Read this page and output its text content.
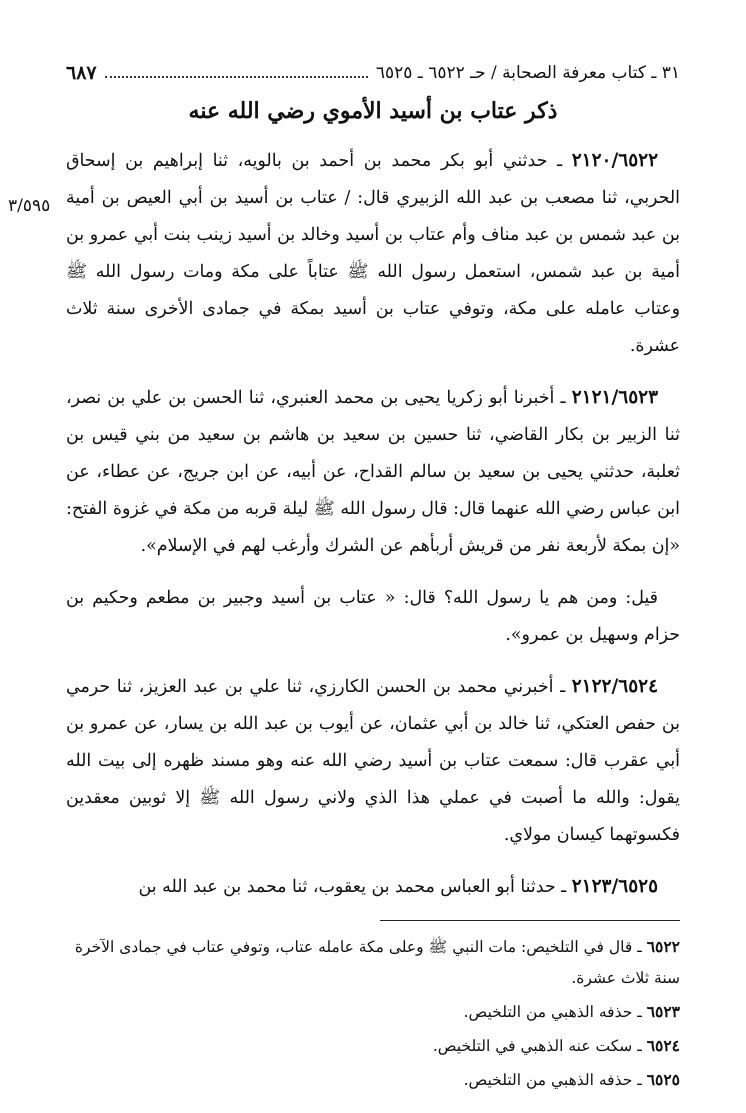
٣١ ـ كتاب معرفة الصحابة / حـ ٦٥٢٢ ـ ٦٥٢٥
٦٨٧
٣/٥٩٥
ذكر عتاب بن أسيد الأموي رضي الله عنه

٢١٢٠/٦٥٢٢ ـ حدثني أبو بكر محمد بن أحمد بن بالويه، ثنا إبراهيم بن إسحاق الحربي، ثنا مصعب بن عبد الله الزبيري قال: / عتاب بن أسيد بن أبي العيص بن أمية بن عبد شمس بن عبد مناف وأم عتاب بن أسيد وخالد بن أسيد زينب بنت أبي عمرو بن أمية بن عبد شمس، استعمل رسول الله ﷺ عتاباً على مكة ومات رسول الله ﷺ وعتاب عامله على مكة، وتوفي عتاب بن أسيد بمكة في جمادى الأخرى سنة ثلاث عشرة.

٢١٢١/٦٥٢٣ ـ أخبرنا أبو زكريا يحيى بن محمد العنبري، ثنا الحسن بن علي بن نصر، ثنا الزبير بن بكار القاضي، ثنا حسين بن سعيد بن هاشم بن سعيد من بني قيس بن ثعلبة، حدثني يحيى بن سعيد بن سالم القداح، عن أبيه، عن ابن جريج، عن عطاء، عن ابن عباس رضي الله عنهما قال: قال رسول الله ﷺ ليلة قربه من مكة في غزوة الفتح: «إن بمكة لأربعة نفر من قريش أربأهم عن الشرك وأرغب لهم في الإسلام».

قيل: ومن هم يا رسول الله؟ قال: « عتاب بن أسيد وجبير بن مطعم وحكيم بن حزام وسهيل بن عمرو».

٢١٢٢/٦٥٢٤ ـ أخبرني محمد بن الحسن الكارزي، ثنا علي بن عبد العزيز، ثنا حرمي بن حفص العتكي، ثنا خالد بن أبي عثمان، عن أيوب بن عبد الله بن يسار، عن عمرو بن أبي عقرب قال: سمعت عتاب بن أسيد رضي الله عنه وهو مسند ظهره إلى بيت الله يقول: والله ما أصبت في عملي هذا الذي ولاني رسول الله ﷺ إلا ثوبين معقدين فكسوتهما كيسان مولاي.

٢١٢٣/٦٥٢٥ ـ حدثنا أبو العباس محمد بن يعقوب، ثنا محمد بن عبد الله بن

٦٥٢٢ ـ قال في التلخيص: مات النبي ﷺ وعلى مكة عامله عتاب، وتوفي عتاب في جمادى الآخرة سنة ثلاث عشرة.

٦٥٢٣ ـ حذفه الذهبي من التلخيص.

٦٥٢٤ ـ سكت عنه الذهبي في التلخيص.

٦٥٢٥ ـ حذفه الذهبي من التلخيص.
